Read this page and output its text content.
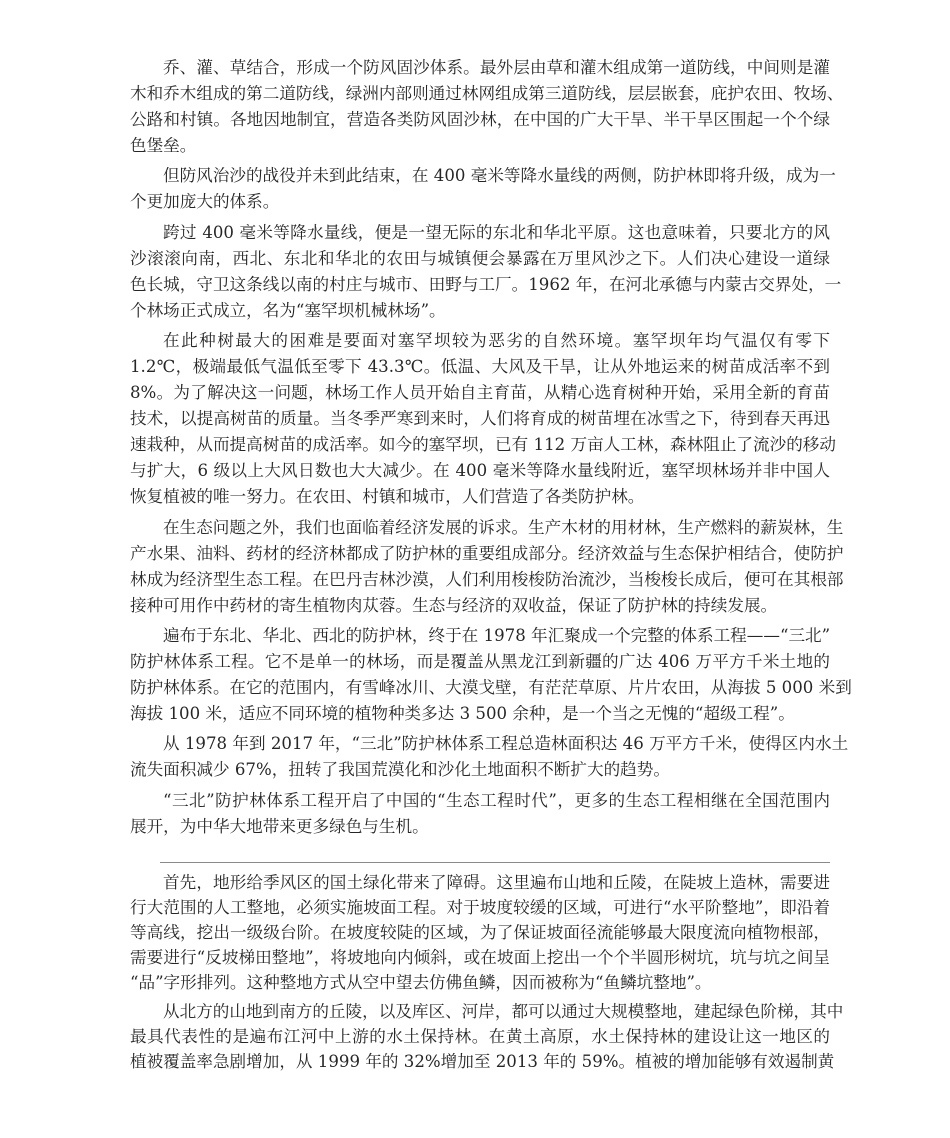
乔、灌、草结合，形成一个防风固沙体系。最外层由草和灌木组成第一道防线，中间则是灌
木和乔木组成的第二道防线，绿洲内部则通过林网组成第三道防线，层层嵌套，庇护农田、牧场、
公路和村镇。各地因地制宜，营造各类防风固沙林，在中国的广大干旱、半干旱区围起一个个绿
色堡垒。
但防风治沙的战役并未到此结束，在 400 毫米等降水量线的两侧，防护林即将升级，成为一
个更加庞大的体系。
跨过 400 毫米等降水量线，便是一望无际的东北和华北平原。这也意味着，只要北方的风
沙滚滚向南，西北、东北和华北的农田与城镇便会暴露在万里风沙之下。人们决心建设一道绿
色长城，守卫这条线以南的村庄与城市、田野与工厂。1962 年，在河北承德与内蒙古交界处，一
个林场正式成立，名为“塞罕坝机械林场”。
在此种树最大的困难是要面对塞罕坝较为恶劣的自然环境。塞罕坝年均气温仅有零下
1.2℃，极端最低气温低至零下 43.3℃。低温、大风及干旱，让从外地运来的树苗成活率不到
8%。为了解决这一问题，林场工作人员开始自主育苗，从精心选育树种开始，采用全新的育苗
技术，以提高树苗的质量。当冬季严寒到来时，人们将育成的树苗埋在冰雪之下，待到春天再迅
速栽种，从而提高树苗的成活率。如今的塞罕坝，已有 112 万亩人工林，森林阻止了流沙的移动
与扩大，6 级以上大风日数也大大减少。在 400 毫米等降水量线附近，塞罕坝林场并非中国人
恢复植被的唯一努力。在农田、村镇和城市，人们营造了各类防护林。
在生态问题之外，我们也面临着经济发展的诉求。生产木材的用材林，生产燃料的薪炭林，生
产水果、油料、药材的经济林都成了防护林的重要组成部分。经济效益与生态保护相结合，使防护
林成为经济型生态工程。在巴丹吉林沙漠，人们利用梭梭防治流沙，当梭梭长成后，便可在其根部
接种可用作中药材的寄生植物肉苁蓉。生态与经济的双收益，保证了防护林的持续发展。
遍布于东北、华北、西北的防护林，终于在 1978 年汇聚成一个完整的体系工程——“三北”
防护林体系工程。它不是单一的林场，而是覆盖从黑龙江到新疆的广达 406 万平方千米土地的
防护林体系。在它的范围内，有雪峰冰川、大漠戈壁，有茫茫草原、片片农田，从海拔 5 000 米到
海拔 100 米，适应不同环境的植物种类多达 3 500 余种，是一个当之无愧的“超级工程”。
从 1978 年到 2017 年，“三北”防护林体系工程总造林面积达 46 万平方千米，使得区内水土
流失面积减少 67%，扭转了我国荒漠化和沙化土地面积不断扩大的趋势。
“三北”防护林体系工程开启了中国的“生态工程时代”，更多的生态工程相继在全国范围内
展开，为中华大地带来更多绿色与生机。
首先，地形给季风区的国土绿化带来了障碍。这里遍布山地和丘陵，在陡坡上造林，需要进
行大范围的人工整地，必须实施坡面工程。对于坡度较缓的区域，可进行“水平阶整地”，即沿着
等高线，挖出一级级台阶。在坡度较陡的区域，为了保证坡面径流能够最大限度流向植物根部，
需要进行“反坡梯田整地”，将坡地向内倾斜，或在坡面上挖出一个个半圆形树坑，坑与坑之间呈
“品”字形排列。这种整地方式从空中望去仿佛鱼鳞，因而被称为“鱼鳞坑整地”。
从北方的山地到南方的丘陵，以及库区、河岸，都可以通过大规模整地，建起绿色阶梯，其中
最具代表性的是遍布江河中上游的水土保持林。在黄土高原，水土保持林的建设让这一地区的
植被覆盖率急剧增加，从 1999 年的 32%增加至 2013 年的 59%。植被的增加能够有效遏制黄
